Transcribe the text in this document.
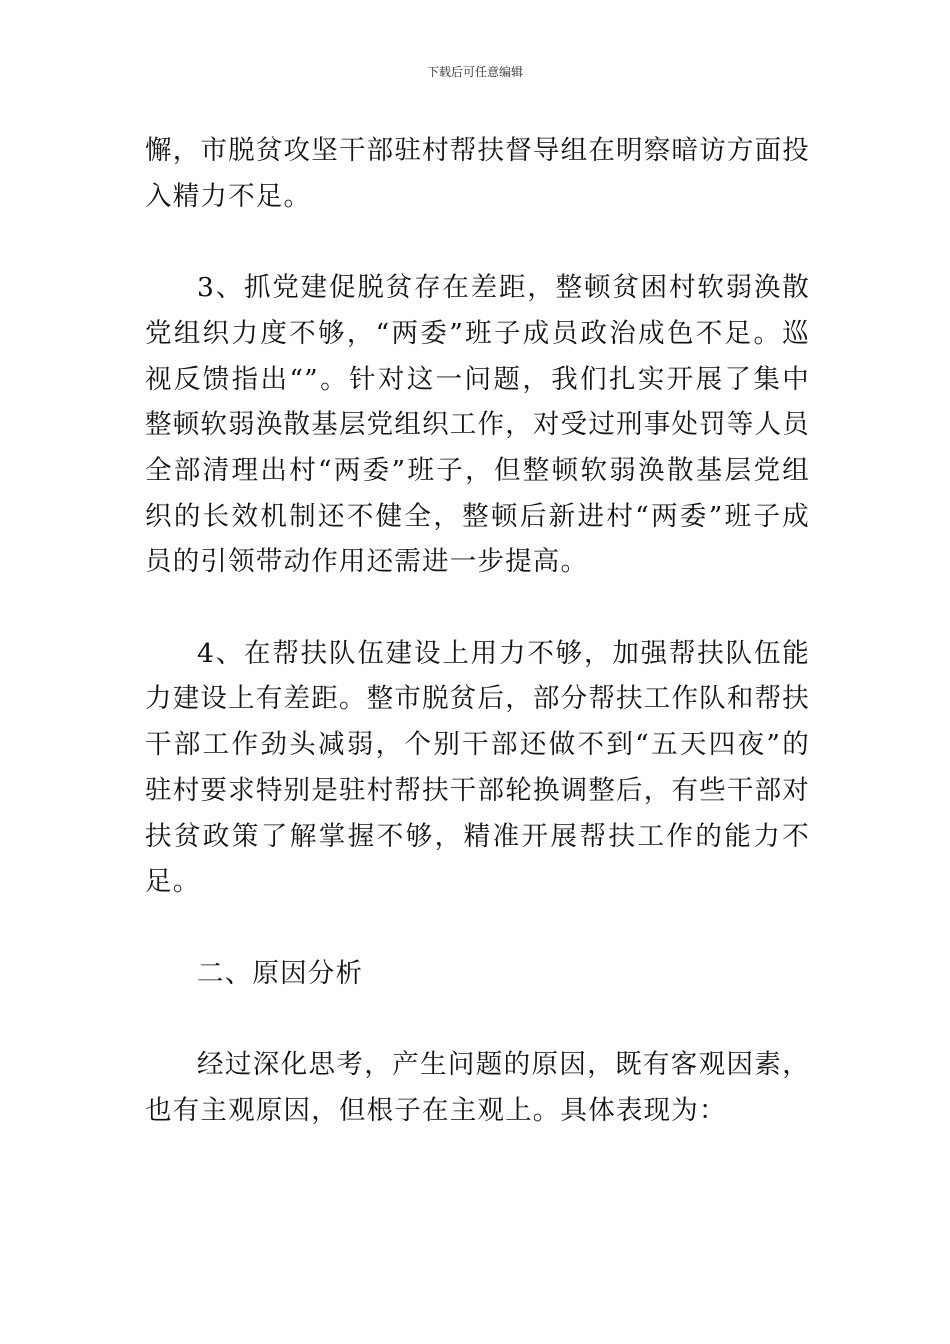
下载后可任意编辑

懈，市脱贫攻坚干部驻村帮扶督导组在明察暗访方面投入精力不足。

3、抓党建促脱贫存在差距，整顿贫困村软弱涣散党组织力度不够，“两委”班子成员政治成色不足。巡视反馈指出“”。针对这一问题，我们扎实开展了集中整顿软弱涣散基层党组织工作，对受过刑事处罚等人员全部清理出村“两委”班子，但整顿软弱涣散基层党组织的长效机制还不健全，整顿后新进村“两委”班子成员的引领带动作用还需进一步提高。

4、在帮扶队伍建设上用力不够，加强帮扶队伍能力建设上有差距。整市脱贫后，部分帮扶工作队和帮扶干部工作劲头减弱，个别干部还做不到“五天四夜”的驻村要求特别是驻村帮扶干部轮换调整后，有些干部对扶贫政策了解掌握不够，精准开展帮扶工作的能力不足。

二、原因分析

经过深化思考，产生问题的原因，既有客观因素，也有主观原因，但根子在主观上。具体表现为：
